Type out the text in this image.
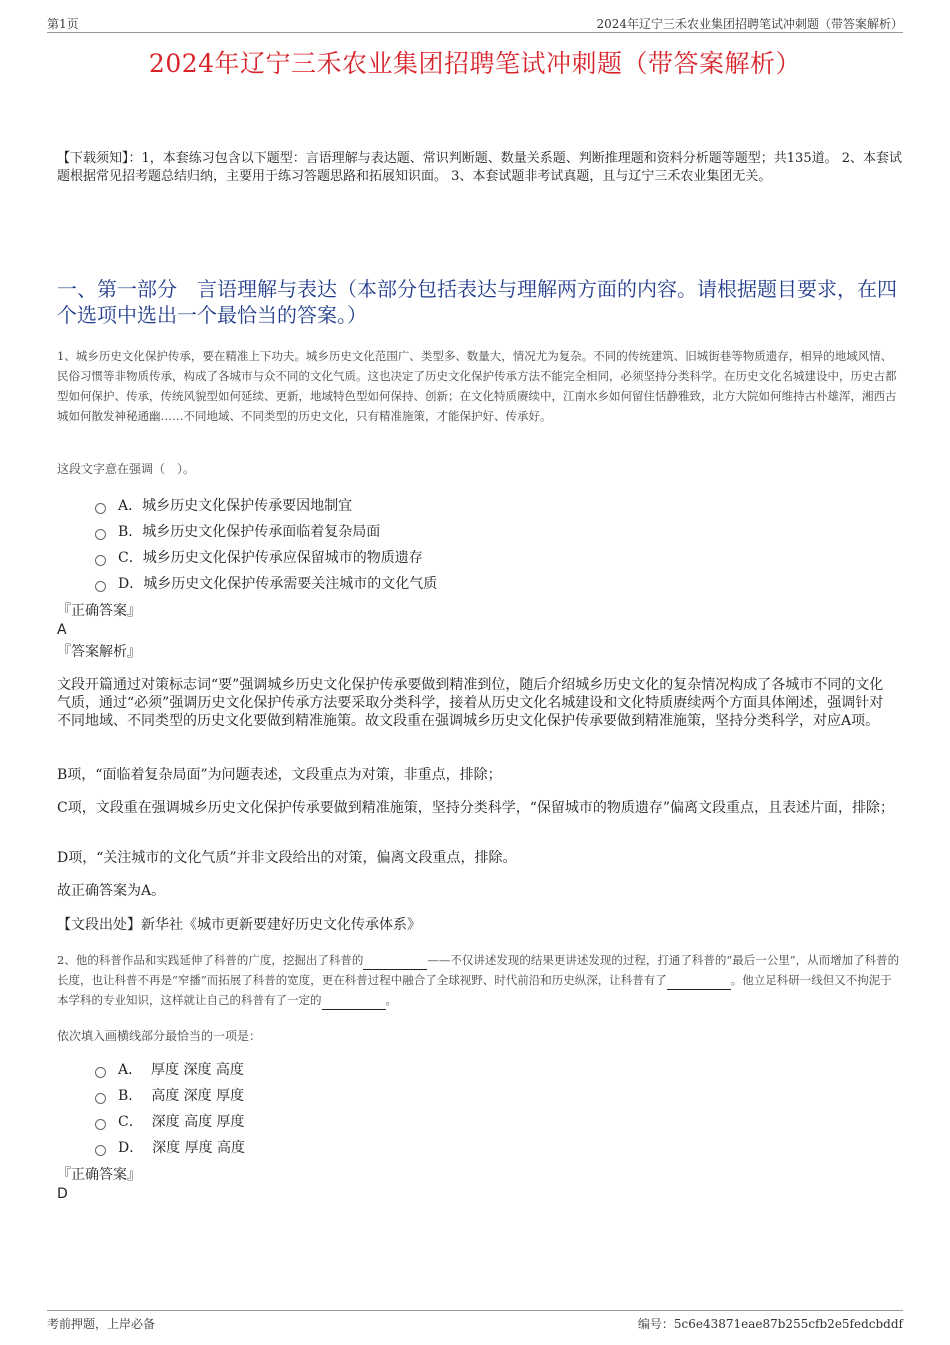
第1页	2024年辽宁三禾农业集团招聘笔试冲刺题（带答案解析）
2024年辽宁三禾农业集团招聘笔试冲刺题（带答案解析）
【下载须知】：1，本套练习包含以下题型：言语理解与表达题、常识判断题、数量关系题、判断推理题和资料分析题等题型；共135道。 2、本套试题根据常见招考题总结归纳，主要用于练习答题思路和拓展知识面。 3、本套试题非考试真题，且与辽宁三禾农业集团无关。
一、第一部分　言语理解与表达（本部分包括表达与理解两方面的内容。请根据题目要求，在四个选项中选出一个最恰当的答案。）
1、城乡历史文化保护传承，要在精准上下功夫。城乡历史文化范围广、类型多、数量大，情况尤为复杂。不同的传统建筑、旧城街巷等物质遗存，相异的地域风情、民俗习惯等非物质传承，构成了各城市与众不同的文化气质。这也决定了历史文化保护传承方法不能完全相同，必须坚持分类科学。在历史文化名城建设中，历史古都型如何保护、传承，传统风貌型如何延续、更新，地域特色型如何保持、创新；在文化特质赓续中，江南水乡如何留住恬静雅致，北方大院如何维持古朴雄浑，湘西古城如何散发神秘通幽……不同地域、不同类型的历史文化，只有精准施策，才能保护好、传承好。
这段文字意在强调（　）。
A． 城乡历史文化保护传承要因地制宜
B． 城乡历史文化保护传承面临着复杂局面
C． 城乡历史文化保护传承应保留城市的物质遗存
D． 城乡历史文化保护传承需要关注城市的文化气质
『正确答案』
A
『答案解析』
文段开篇通过对策标志词“要”强调城乡历史文化保护传承要做到精准到位，随后介绍城乡历史文化的复杂情况构成了各城市不同的文化气质，通过“必须”强调历史文化保护传承方法要采取分类科学，接着从历史文化名城建设和文化特质赓续两个方面具体阐述，强调针对不同地域、不同类型的历史文化要做到精准施策。故文段重在强调城乡历史文化保护传承要做到精准施策，坚持分类科学，对应A项。
B项，“面临着复杂局面”为问题表述，文段重点为对策，非重点，排除；
C项，文段重在强调城乡历史文化保护传承要做到精准施策，坚持分类科学，“保留城市的物质遗存”偏离文段重点，且表述片面，排除；
D项，“关注城市的文化气质”并非文段给出的对策，偏离文段重点，排除。
故正确答案为A。
【文段出处】新华社《城市更新要建好历史文化传承体系》
2、他的科普作品和实践延伸了科普的广度，挖掘出了科普的	——不仅讲述发现的结果更讲述发现的过程，打通了科普的“最后一公里”，从而增加了科普的长度，也让科普不再是“窄播”而拓展了科普的宽度，更在科普过程中融合了全球视野、时代前沿和历史纵深，让科普有了	。他立足科研一线但又不拘泥于本学科的专业知识，这样就让自己的科普有了一定的	。
依次填入画横线部分最恰当的一项是：
A．
厚度 深度 高度
B．
高度 深度 厚度
C．
深度 高度 厚度
D．
深度 厚度 高度
『正确答案』
D
考前押题，上岸必备	编号：5c6e43871eae87b255cfb2e5fedcbddf
